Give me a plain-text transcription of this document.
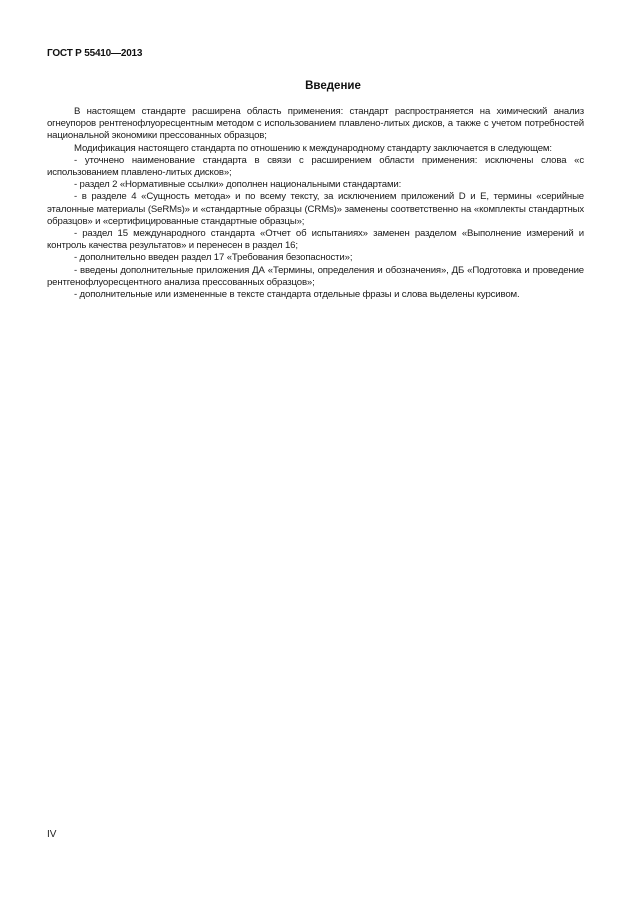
ГОСТ Р 55410—2013
Введение

В настоящем стандарте расширена область применения: стандарт распространяется на химический анализ огнеупоров рентгенофлуоресцентным методом с использованием плавлено-литых дисков, а также с учетом потребностей национальной экономики прессованных образцов;

Модификация настоящего стандарта по отношению к международному стандарту заключается в следующем:

- уточнено наименование стандарта в связи с расширением области применения: исключены слова «с использованием плавлено-литых дисков»;

- раздел 2 «Нормативные ссылки» дополнен национальными стандартами:

- в разделе 4 «Сущность метода» и по всему тексту, за исключением приложений D и E, термины «серийные эталонные материалы (SeRMs)» и «стандартные образцы (CRMs)» заменены соответственно на «комплекты стандартных образцов» и «сертифицированные стандартные образцы»;

- раздел 15 международного стандарта «Отчет об испытаниях» заменен разделом «Выполнение измерений и контроль качества результатов» и перенесен в раздел 16;

- дополнительно введен раздел 17 «Требования безопасности»;

- введены дополнительные приложения ДА «Термины, определения и обозначения», ДБ «Подготовка и проведение рентгенофлуоресцентного анализа прессованных образцов»;

- дополнительные или измененные в тексте стандарта отдельные фразы и слова выделены курсивом.

IV
